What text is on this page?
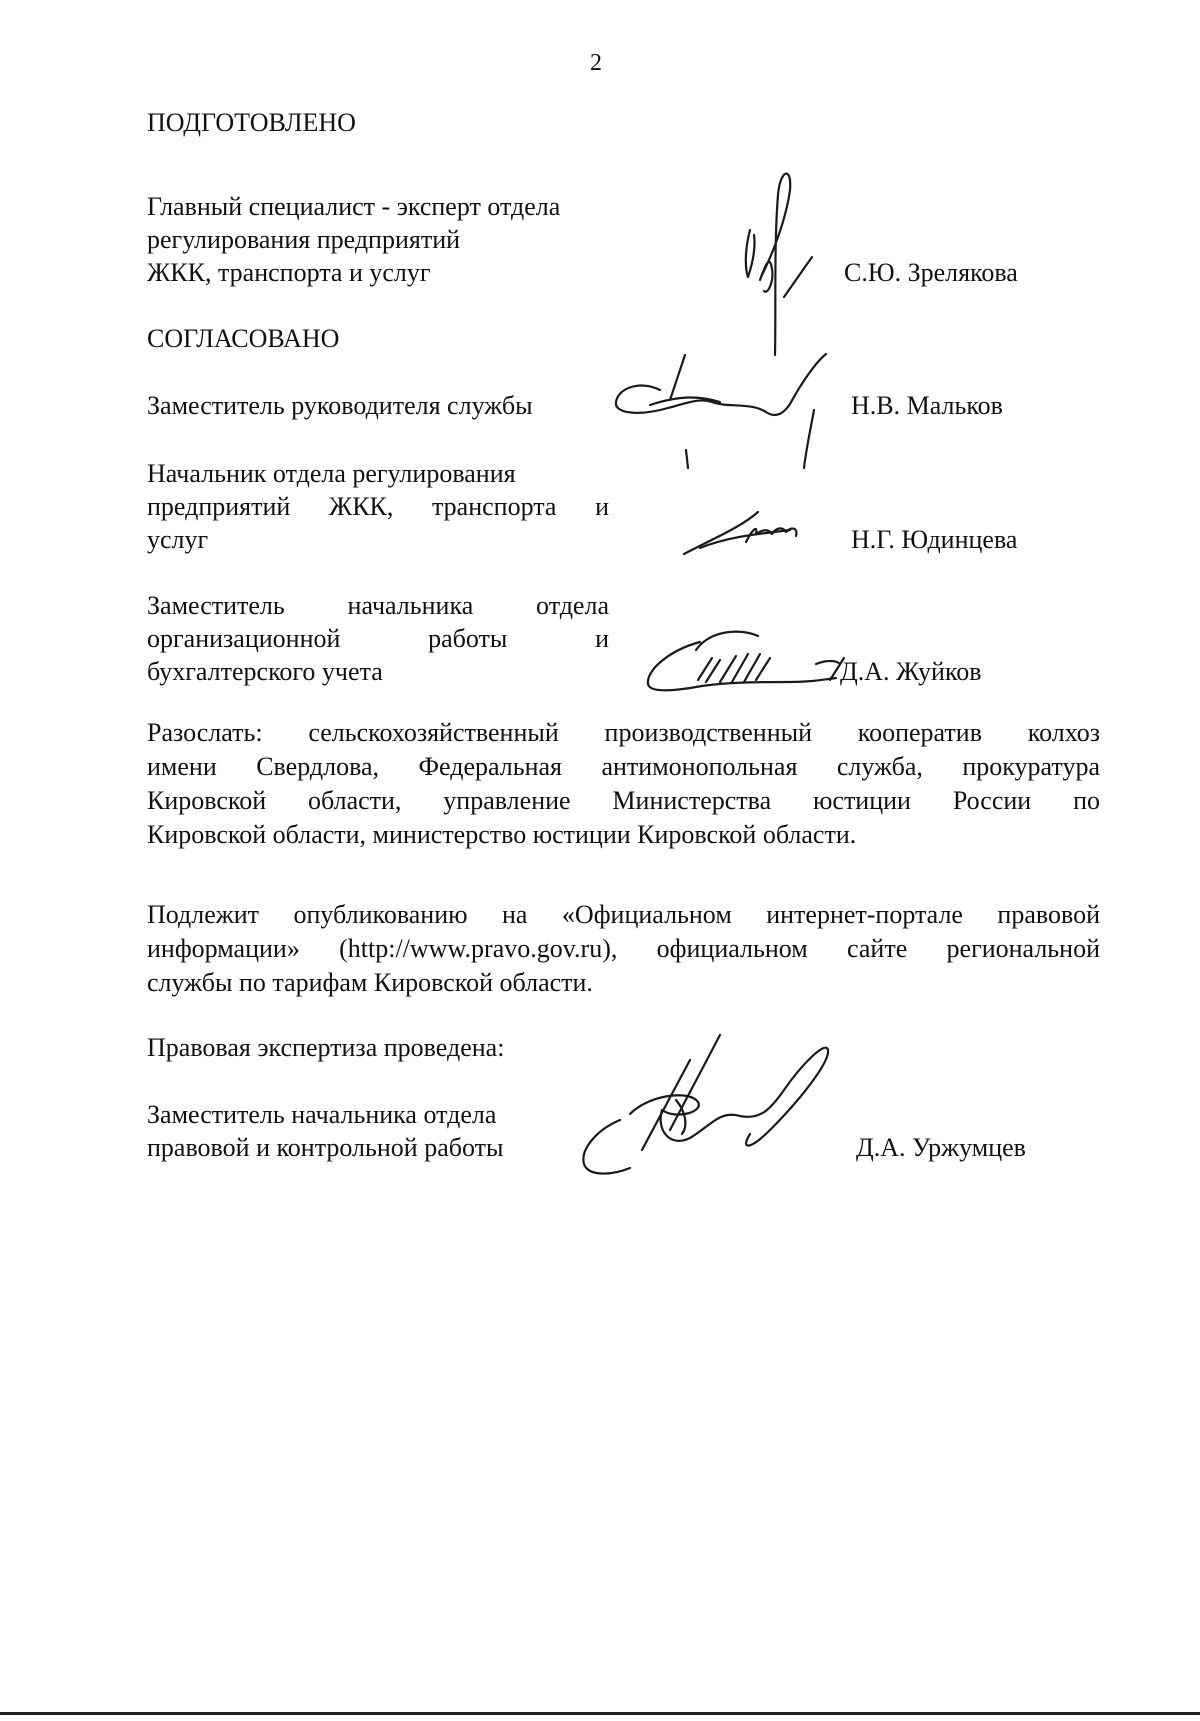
2
ПОДГОТОВЛЕНО
Главный специалист - эксперт отдела
регулирования предприятий
ЖКК, транспорта и услуг	С.Ю. Зрелякова
СОГЛАСОВАНО
Заместитель руководителя службы	Н.В. Мальков
Начальник отдела регулирования
предприятий ЖКК, транспорта и
услуг	Н.Г. Юдинцева
Заместитель начальника отдела
организационной работы и
бухгалтерского учета	Д.А. Жуйков
Разослать: сельскохозяйственный производственный кооператив колхоз
имени Свердлова, Федеральная антимонопольная служба, прокуратура
Кировской области, управление Министерства юстиции России по
Кировской области, министерство юстиции Кировской области.
Подлежит опубликованию на «Официальном интернет-портале правовой
информации» (http://www.pravo.gov.ru), официальном сайте региональной
службы по тарифам Кировской области.
Правовая экспертиза проведена:
Заместитель начальника отдела
правовой и контрольной работы	Д.А. Уржумцев
